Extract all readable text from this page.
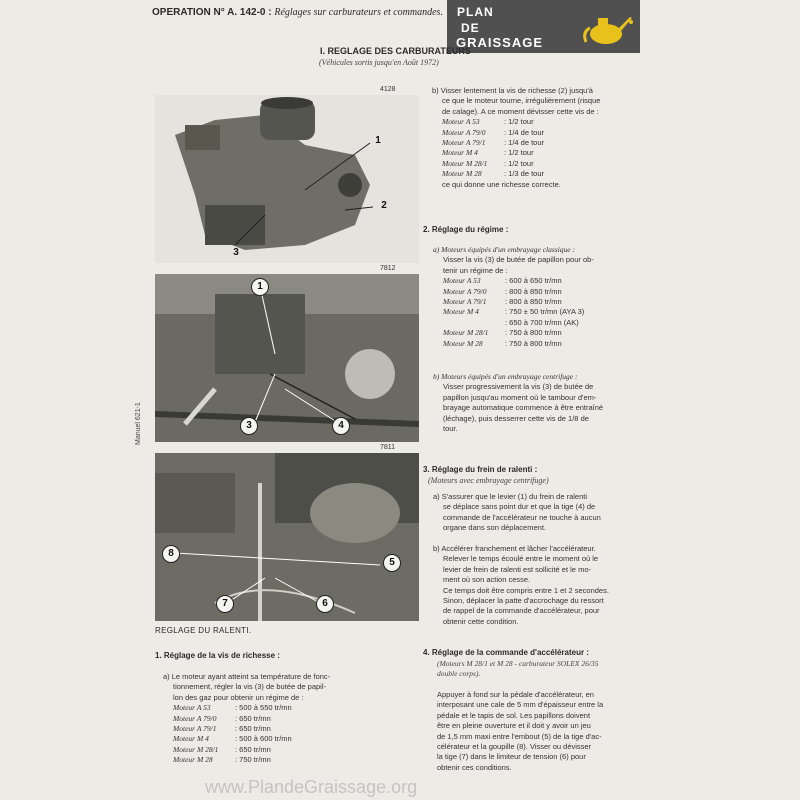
OPERATION N° A. 142-0 : Réglages sur carburateurs et commandes. PLAN
DE
GRAISSAGE
Manuel 621-1
4128
1
2
3
7812
1
3	4
7811
8
5
7	6
REGLAGE DU RALENTI.
I. REGLAGE DES CARBURATEURS
(Véhicules sortis jusqu'en Août 1972)
b) Visser lentement la vis de richesse (2) jusqu'à
ce que le moteur tourne, irrégulièrement (risque
de calage). A ce moment dévisser cette vis de :
Moteur A 53	: 1/2 tour
Moteur A 79/0	: 1/4 de tour
Moteur A 79/1	: 1/4 de tour
Moteur M 4	: 1/2 tour
Moteur M 28/1	: 1/2 tour
Moteur M 28	: 1/3 de tour
ce qui donne une richesse correcte.
2. Réglage du régime :
a) Moteurs équipés d'un embrayage classique :
Visser la vis (3) de butée de papillon pour ob-
tenir un régime de :
Moteur A 53	: 600 à 650 tr/mn
Moteur A 79/0	: 800 à 850 tr/mn
Moteur A 79/1	: 800 à 850 tr/mn
Moteur M 4	: 750 ± 50 tr/mn (AYA 3)
: 650 à 700 tr/mn (AK)
Moteur M 28/1	: 750 à 800 tr/mn
Moteur M 28	: 750 à 800 tr/mn
b) Moteurs équipés d'un embrayage centrifuge :
Visser progressivement la vis (3) de butée de
papillon jusqu'au moment où le tambour d'em-
brayage automatique commence à être entraîné
(léchage), puis desserrer cette vis de 1/8 de
tour.
3. Réglage du frein de ralenti :
(Moteurs avec embrayage centrifuge)
a) S'assurer que le levier (1) du frein de ralenti
se déplace sans point dur et que la tige (4) de
commande de l'accélérateur ne touche à aucun
organe dans son déplacement.
b) Accélérer franchement et lâcher l'accélérateur.
Relever le temps écoulé entre le moment où le
levier de frein de ralenti est sollicité et le mo-
ment où son action cesse.
Ce temps doit être compris entre 1 et 2 secondes.
Sinon, déplacer la patte d'accrochage du ressort
de rappel de la commande d'accélérateur, pour
obtenir cette condition.
4. Réglage de la commande d'accélérateur :
(Moteurs M 28/1 et M 28 - carburateur SOLEX 26/35
double corps).
Appuyer à fond sur la pédale d'accélérateur, en
interposant une cale de 5 mm d'épaisseur entre la
pédale et le tapis de sol. Les papillons doivent
être en pleine ouverture et il doit y avoir un jeu
de 1,5 mm maxi entre l'embout (5) de la tige d'ac-
célérateur et la goupille (8). Visser ou dévisser
la tige (7) dans le limiteur de tension (6) pour
obtenir ces conditions.
1. Réglage de la vis de richesse :
a) Le moteur ayant atteint sa température de fonc-
tionnement, régler la vis (3) de butée de papil-
lon des gaz pour obtenir un régime de :
Moteur A 53	: 500 à 550 tr/mn
Moteur A 79/0	: 650 tr/mn
Moteur A 79/1	: 650 tr/mn
Moteur M 4	: 500 à 600 tr/mn
Moteur M 28/1	: 650 tr/mn
Moteur M 28	: 750 tr/mn
www.PlandeGraissage.org
